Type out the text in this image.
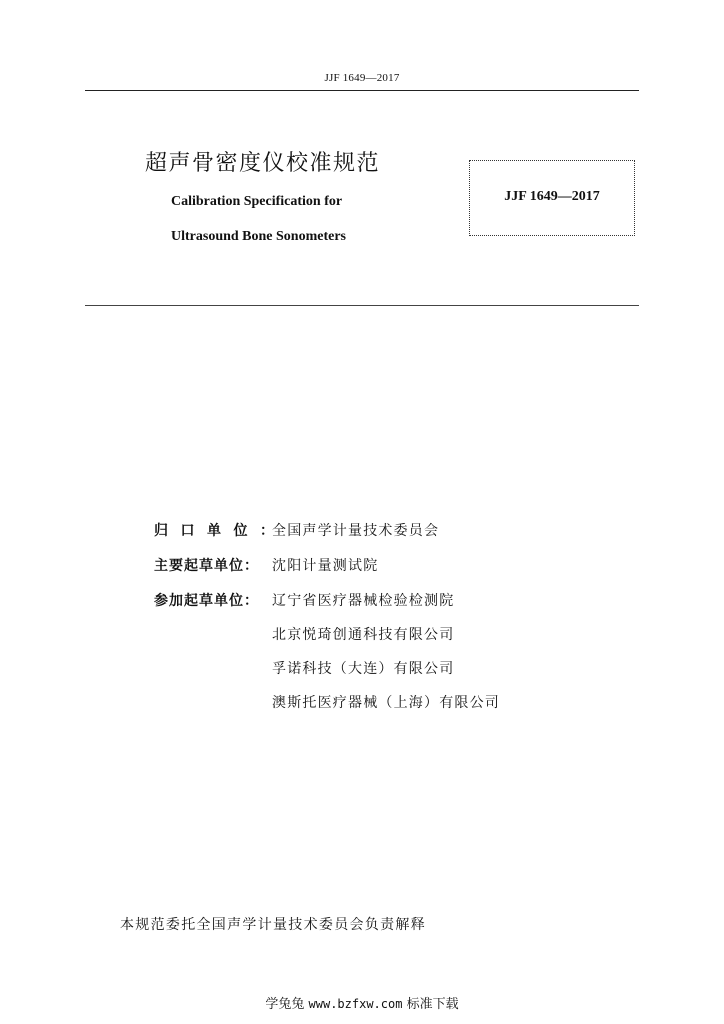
JJF 1649—2017
超声骨密度仪校准规范
Calibration Specification for
Ultrasound Bone Sonometers
JJF 1649—2017
归口单位：
全国声学计量技术委员会
主要起草单位： 沈阳计量测试院
参加起草单位： 辽宁省医疗器械检验检测院
北京悦琦创通科技有限公司
孚诺科技（大连）有限公司
澳斯托医疗器械（上海）有限公司
本规范委托全国声学计量技术委员会负责解释
学兔兔 www.bzfxw.com 标准下载
